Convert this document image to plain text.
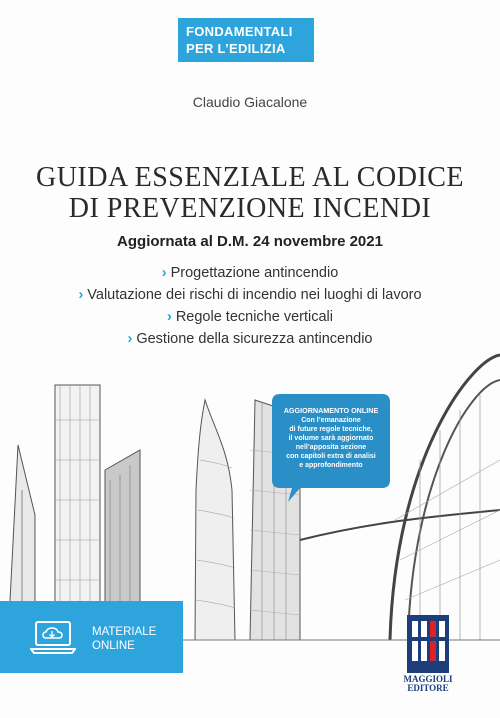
FONDAMENTALI
PER L’EDILIZIA
Claudio Giacalone
GUIDA ESSENZIALE AL CODICE
DI PREVENZIONE INCENDI
Aggiornata al D.M. 24 novembre 2021
› Progettazione antincendio
› Valutazione dei rischi di incendio nei luoghi di lavoro
› Regole tecniche verticali
› Gestione della sicurezza antincendio
AGGIORNAMENTO ONLINE
Con l’emanazione
di future regole tecniche,
il volume sarà aggiornato
nell’apposita sezione
con capitoli extra di analisi
e approfondimento
MATERIALE
ONLINE
MAGGIOLI
EDITORE
